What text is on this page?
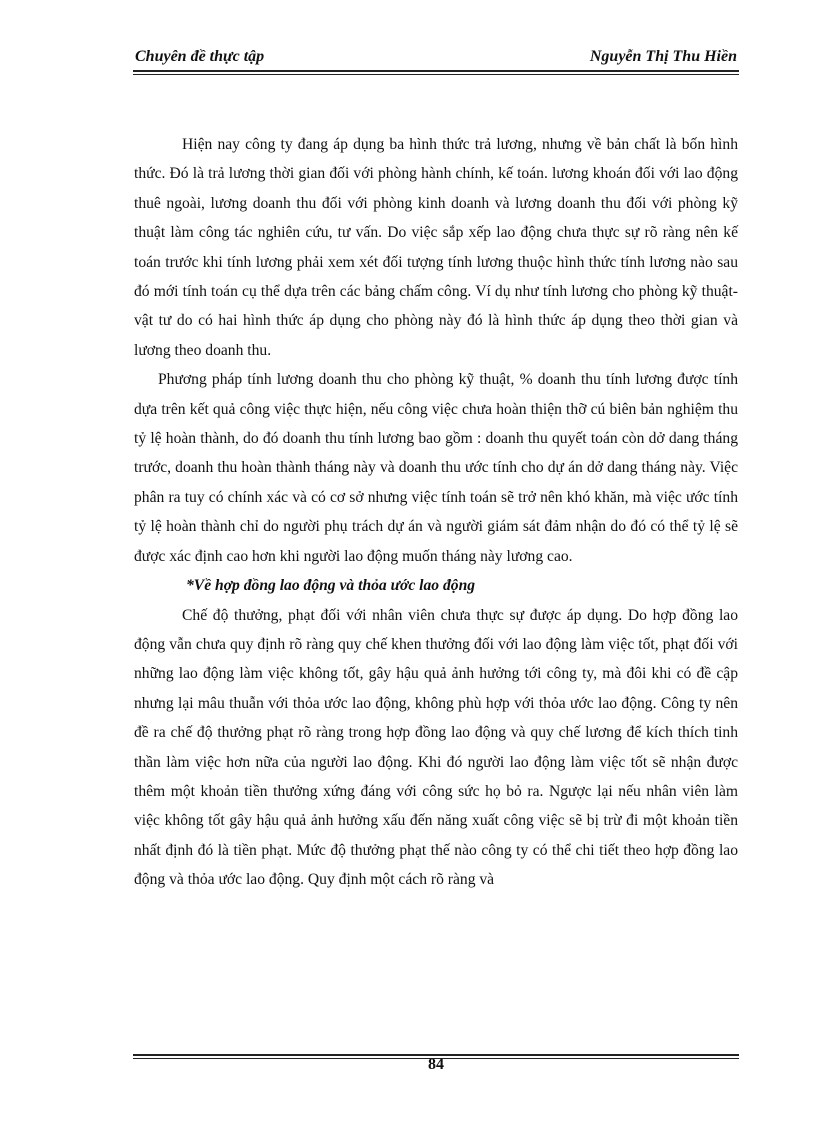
Chuyên đề thực tập	Nguyễn Thị Thu Hiền

Hiện nay công ty đang áp dụng ba hình thức trả lương, nhưng về bản chất là bốn hình thức. Đó là trả lương thời gian đối với phòng hành chính, kế toán. lương khoán đối với lao động thuê ngoài, lương doanh thu đối với phòng kinh doanh và lương doanh thu đối với phòng kỹ thuật làm công tác nghiên cứu, tư vấn. Do việc sắp xếp lao động chưa thực sự rõ ràng nên kế toán trước khi tính lương phải xem xét đối tượng tính lương thuộc hình thức tính lương nào sau đó mới tính toán cụ thể dựa trên các bảng chấm công. Ví dụ như tính lương cho phòng kỹ thuật-vật tư do có hai hình thức áp dụng cho phòng này đó là hình thức áp dụng theo thời gian và lương theo doanh thu.

Phương pháp tính lương doanh thu cho phòng kỹ thuật, % doanh thu tính lương được tính dựa trên kết quả công việc thực hiện, nếu công việc chưa hoàn thiện thỡ cú biên bản nghiệm thu tỷ lệ hoàn thành, do đó doanh thu tính lương bao gồm : doanh thu quyết toán còn dở dang tháng trước, doanh thu hoàn thành tháng này và doanh thu ước tính cho dự án dở dang tháng này. Việc phân ra tuy có chính xác và có cơ sở nhưng việc tính toán sẽ trở nên khó khăn, mà việc ước tính tỷ lệ hoàn thành chỉ do người phụ trách dự án và người giám sát đảm nhận do đó có thể tỷ lệ sẽ được xác định cao hơn khi người lao động muốn tháng này lương cao.

*Về hợp đồng lao động và thỏa ước lao động

Chế độ thưởng, phạt đối với nhân viên chưa thực sự được áp dụng. Do hợp đồng lao động vẫn chưa quy định rõ ràng quy chế khen thưởng đối với lao động làm việc tốt, phạt đối với những lao động làm việc không tốt, gây hậu quả ảnh hưởng tới công ty, mà đôi khi có đề cập nhưng lại mâu thuẫn với thỏa ước lao động, không phù hợp với thỏa ước lao động. Công ty nên đề ra chế độ thưởng phạt rõ ràng trong hợp đồng lao động và quy chế lương để kích thích tinh thần làm việc hơn nữa của người lao động. Khi đó người lao động làm việc tốt sẽ nhận được thêm một khoản tiền thưởng xứng đáng với công sức họ bỏ ra. Ngược lại nếu nhân viên làm việc không tốt gây hậu quả ảnh hưởng xấu đến năng xuất công việc sẽ bị trừ đi một khoản tiền nhất định đó là tiền phạt. Mức độ thưởng phạt thế nào công ty có thể chi tiết theo hợp đồng lao động và thỏa ước lao động. Quy định một cách rõ ràng và

84
